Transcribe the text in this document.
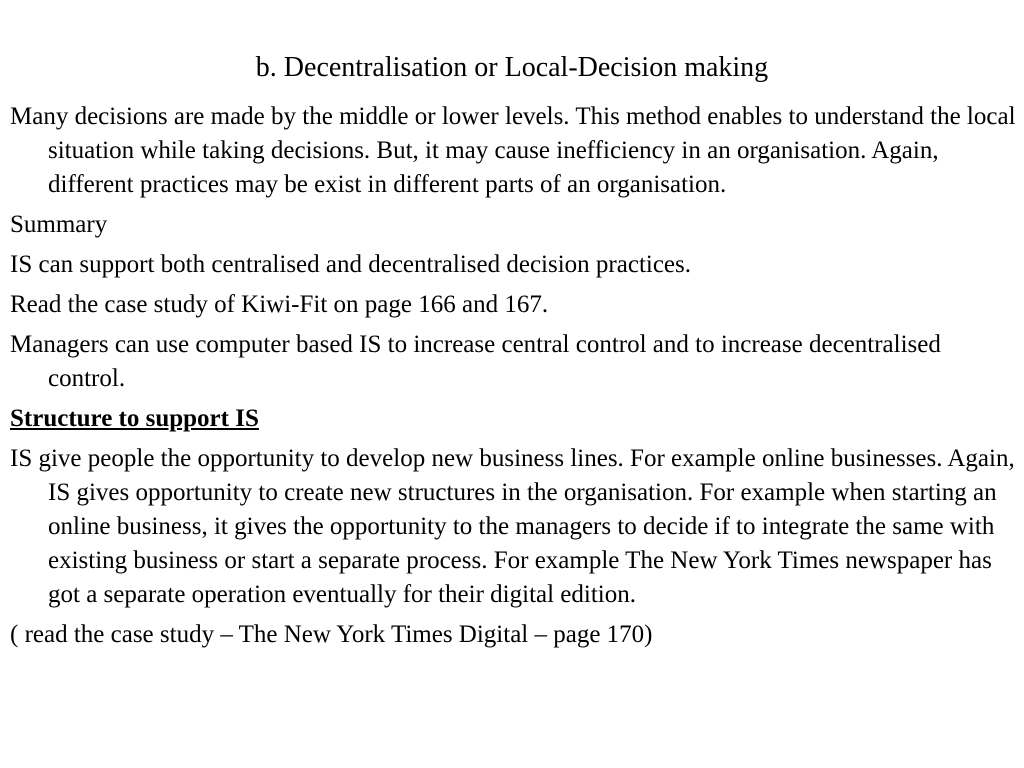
b. Decentralisation or Local-Decision making

Many decisions are made by the middle or lower levels. This method enables to understand the local situation while taking decisions. But, it may cause inefficiency in an organisation. Again, different practices may be exist in different parts of an organisation.

Summary

IS can support both centralised and decentralised decision practices.

Read the case study of Kiwi-Fit on page 166 and 167.

Managers can use computer based IS to increase central control and to increase decentralised control.

Structure to support IS

IS give people the opportunity to develop new business lines. For example online businesses. Again, IS gives opportunity to create new structures in the organisation. For example when starting an online business, it gives the opportunity to the managers to decide if to integrate the same with existing business or start a separate process. For example The New York Times newspaper has got a separate operation eventually for their digital edition.

( read the case study – The New York Times Digital – page 170)
